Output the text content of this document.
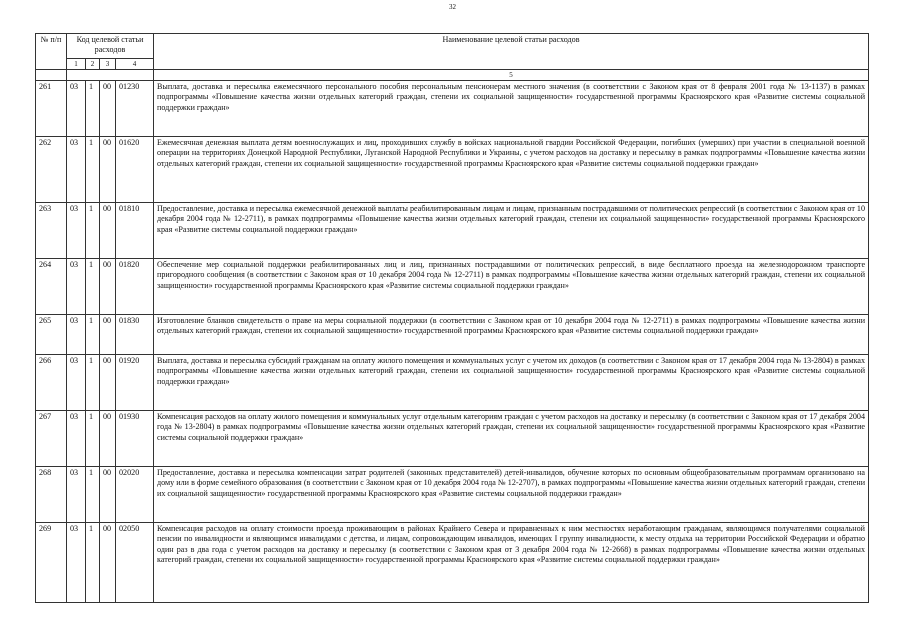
32
№ п/п	Код целевой статьи расходов				Наименование целевой статьи расходов
	1	2	3	4	
					5
261	03	1	00	01230	Выплата, доставка и пересылка ежемесячного персонального пособия персональным пенсионерам местного значения (в соответствии с Законом края от 8 февраля 2001 года № 13-1137) в рамках подпрограммы «Повышение качества жизни отдельных категорий граждан, степени их социальной защищенности» государственной программы Красноярского края «Развитие системы социальной поддержки граждан»
262	03	1	00	01620	Ежемесячная денежная выплата детям военнослужащих и лиц, проходивших службу в войсках национальной гвардии Российской Федерации, погибших (умерших) при участии в специальной военной операции на территориях Донецкой Народной Республики, Луганской Народной Республики и Украины, с учетом расходов на доставку и пересылку в рамках подпрограммы «Повышение качества жизни отдельных категорий граждан, степени их социальной защищенности» государственной программы Красноярского края «Развитие системы социальной поддержки граждан»
263	03	1	00	01810	Предоставление, доставка и пересылка ежемесячной денежной выплаты реабилитированным лицам и лицам, признанным пострадавшими от политических репрессий (в соответствии с Законом края от 10 декабря 2004 года № 12-2711), в рамках подпрограммы «Повышение качества жизни отдельных категорий граждан, степени их социальной защищенности» государственной программы Красноярского края «Развитие системы социальной поддержки граждан»
264	03	1	00	01820	Обеспечение мер социальной поддержки реабилитированных лиц и лиц, признанных пострадавшими от политических репрессий, в виде бесплатного проезда на железнодорожном транспорте пригородного сообщения (в соответствии с Законом края от 10 декабря 2004 года № 12-2711) в рамках подпрограммы «Повышение качества жизни отдельных категорий граждан, степени их социальной защищенности» государственной программы Красноярского края «Развитие системы социальной поддержки граждан»
265	03	1	00	01830	Изготовление бланков свидетельств о праве на меры социальной поддержки (в соответствии с Законом края от 10 декабря 2004 года № 12-2711) в рамках подпрограммы «Повышение качества жизни отдельных категорий граждан, степени их социальной защищенности» государственной программы Красноярского края «Развитие системы социальной поддержки граждан»
266	03	1	00	01920	Выплата, доставка и пересылка субсидий гражданам на оплату жилого помещения и коммунальных услуг с учетом их доходов (в соответствии с Законом края от 17 декабря 2004 года № 13-2804) в рамках подпрограммы «Повышение качества жизни отдельных категорий граждан, степени их социальной защищенности» государственной программы Красноярского края «Развитие системы социальной поддержки граждан»
267	03	1	00	01930	Компенсация расходов на оплату жилого помещения и коммунальных услуг отдельным категориям граждан с учетом расходов на доставку и пересылку (в соответствии с Законом края от 17 декабря 2004 года № 13-2804) в рамках подпрограммы «Повышение качества жизни отдельных категорий граждан, степени их социальной защищенности» государственной программы Красноярского края «Развитие системы социальной поддержки граждан»
268	03	1	00	02020	Предоставление, доставка и пересылка компенсации затрат родителей (законных представителей) детей-инвалидов, обучение которых по основным общеобразовательным программам организовано на дому или в форме семейного образования (в соответствии с Законом края от 10 декабря 2004 года № 12-2707), в рамках подпрограммы «Повышение качества жизни отдельных категорий граждан, степени их социальной защищенности» государственной программы Красноярского края «Развитие системы социальной поддержки граждан»
269	03	1	00	02050	Компенсация расходов на оплату стоимости проезда проживающим в районах Крайнего Севера и приравненных к ним местностях неработающим гражданам, являющимся получателями социальной пенсии по инвалидности и являющимся инвалидами с детства, и лицам, сопровождающим инвалидов, имеющих I группу инвалидности, к месту отдыха на территории Российской Федерации и обратно один раз в два года с учетом расходов на доставку и пересылку (в соответствии с Законом края от 3 декабря 2004 года № 12-2668) в рамках подпрограммы «Повышение качества жизни отдельных категорий граждан, степени их социальной защищенности» государственной программы Красноярского края «Развитие системы социальной поддержки граждан»
